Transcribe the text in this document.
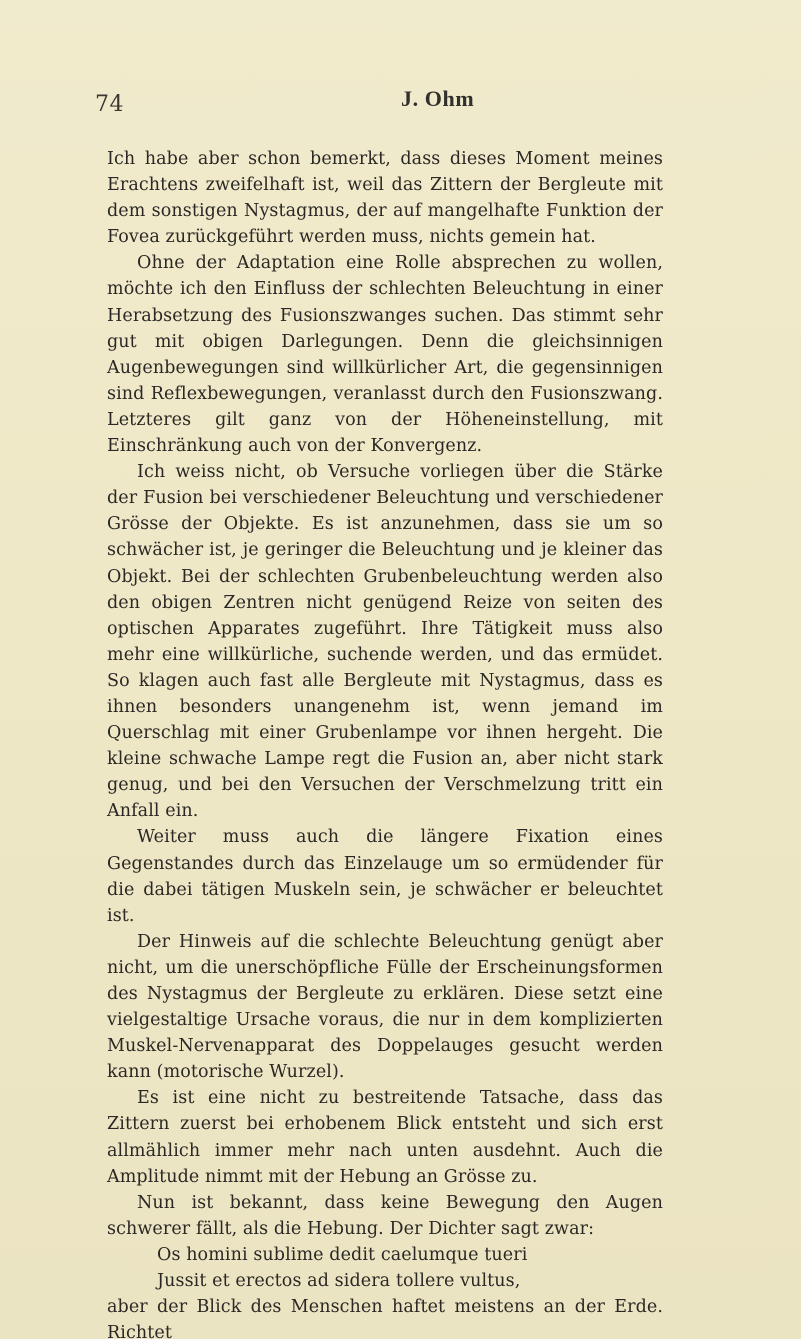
74	J. Ohm

Ich habe aber schon bemerkt, dass dieses Moment meines Erachtens zweifelhaft ist, weil das Zittern der Bergleute mit dem sonstigen Nystagmus, der auf mangelhafte Funktion der Fovea zurückgeführt werden muss, nichts gemein hat.

Ohne der Adaptation eine Rolle absprechen zu wollen, möchte ich den Einfluss der schlechten Beleuchtung in einer Herabsetzung des Fusionszwanges suchen. Das stimmt sehr gut mit obigen Darlegungen. Denn die gleichsinnigen Augenbewegungen sind willkürlicher Art, die gegensinnigen sind Reflexbewegungen, veranlasst durch den Fusionszwang. Letzteres gilt ganz von der Höheneinstellung, mit Einschränkung auch von der Konvergenz.

Ich weiss nicht, ob Versuche vorliegen über die Stärke der Fusion bei verschiedener Beleuchtung und verschiedener Grösse der Objekte. Es ist anzunehmen, dass sie um so schwächer ist, je geringer die Beleuchtung und je kleiner das Objekt. Bei der schlechten Grubenbeleuchtung werden also den obigen Zentren nicht genügend Reize von seiten des optischen Apparates zugeführt. Ihre Tätigkeit muss also mehr eine willkürliche, suchende werden, und das ermüdet. So klagen auch fast alle Bergleute mit Nystagmus, dass es ihnen besonders unangenehm ist, wenn jemand im Querschlag mit einer Grubenlampe vor ihnen hergeht. Die kleine schwache Lampe regt die Fusion an, aber nicht stark genug, und bei den Versuchen der Verschmelzung tritt ein Anfall ein.

Weiter muss auch die längere Fixation eines Gegenstandes durch das Einzelauge um so ermüdender für die dabei tätigen Muskeln sein, je schwächer er beleuchtet ist.

Der Hinweis auf die schlechte Beleuchtung genügt aber nicht, um die unerschöpfliche Fülle der Erscheinungsformen des Nystagmus der Bergleute zu erklären. Diese setzt eine vielgestaltige Ursache voraus, die nur in dem komplizierten Muskel-Nervenapparat des Doppelauges gesucht werden kann (motorische Wurzel).

Es ist eine nicht zu bestreitende Tatsache, dass das Zittern zuerst bei erhobenem Blick entsteht und sich erst allmählich immer mehr nach unten ausdehnt. Auch die Amplitude nimmt mit der Hebung an Grösse zu.

Nun ist bekannt, dass keine Bewegung den Augen schwerer fällt, als die Hebung. Der Dichter sagt zwar:

Os homini sublime dedit caelumque tueri

Jussit et erectos ad sidera tollere vultus,

aber der Blick des Menschen haftet meistens an der Erde. Richtet
